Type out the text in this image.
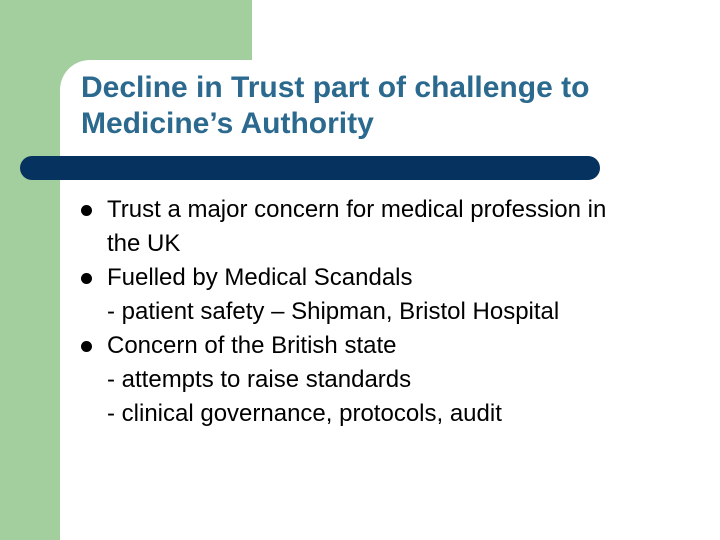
Decline in Trust part of challenge to
Medicine’s Authority
Trust a major concern for medical profession in
the UK
Fuelled by Medical Scandals
- patient safety – Shipman, Bristol Hospital
Concern of the British state
- attempts to raise standards
- clinical governance, protocols, audit
